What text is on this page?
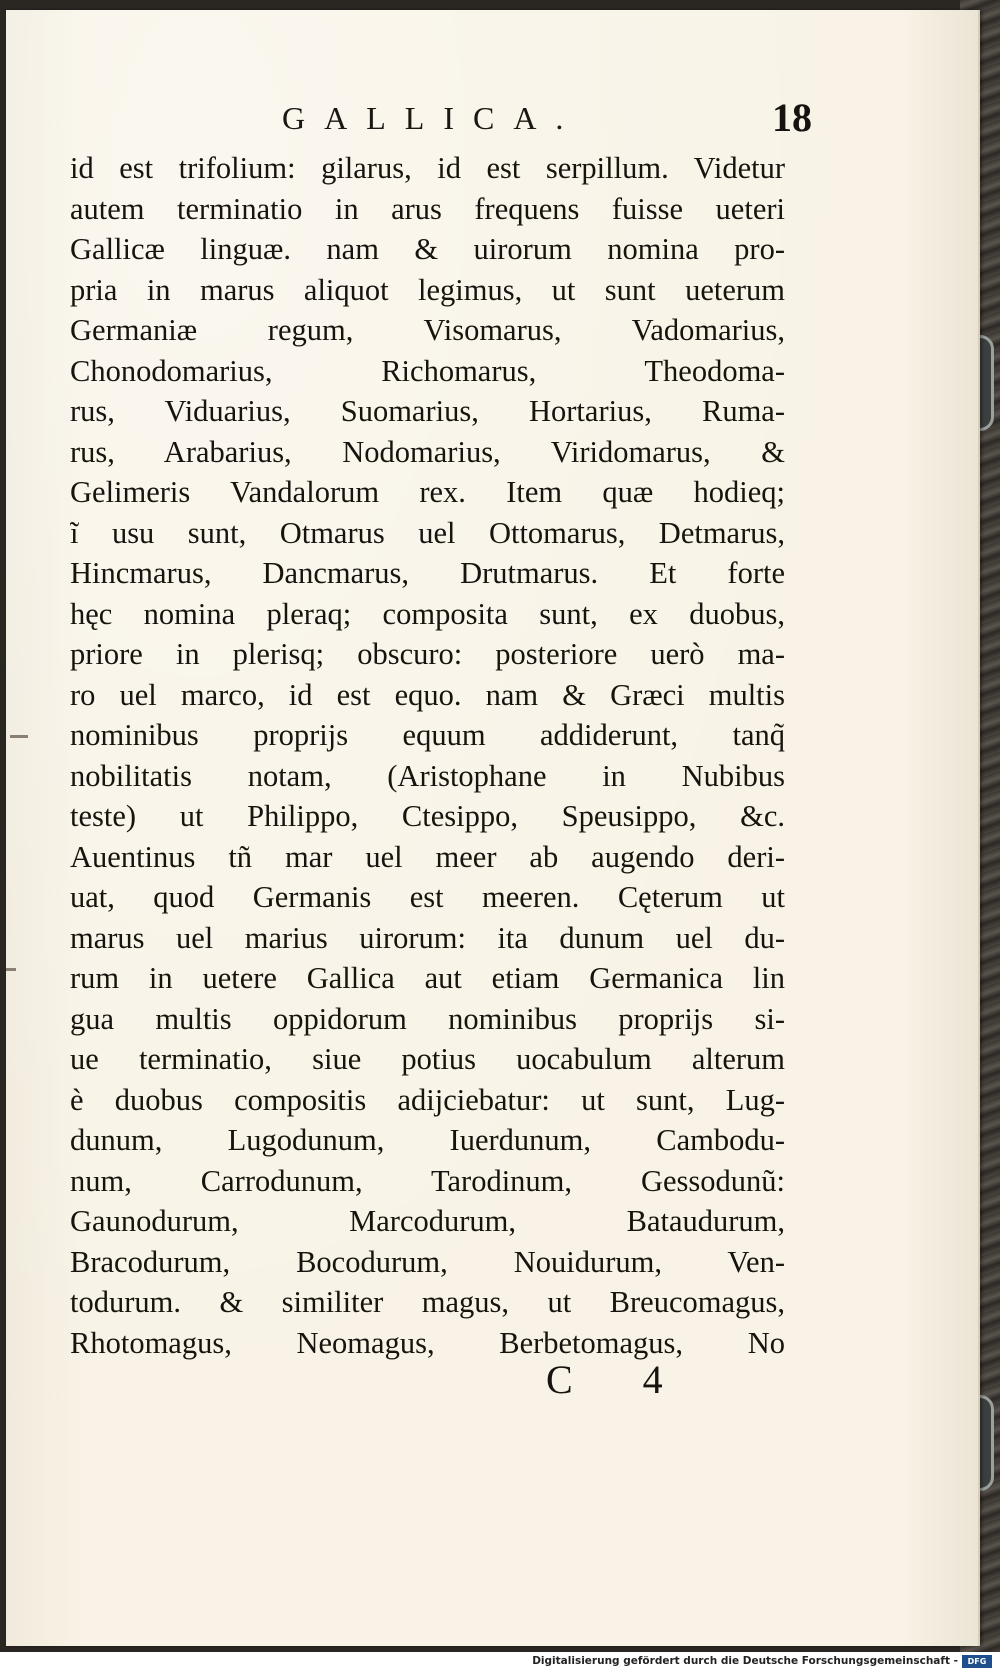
GALLICA.	18
id est trifolium: gilarus, id est serpillum. Videtur
autem terminatio in arus frequens fuisse ueteri
Gallicæ linguæ. nam & uirorum nomina pro-
pria in marus aliquot legimus, ut sunt ueterum
Germaniæ regum, Visomarus, Vadomarius,
Chonodomarius, Richomarus, Theodoma-
rus, Viduarius, Suomarius, Hortarius, Ruma-
rus, Arabarius, Nodomarius, Viridomarus, &
Gelimeris Vandalorum rex. Item quæ hodieq;
ĩ usu sunt, Otmarus uel Ottomarus, Detmarus,
Hincmarus, Dancmarus, Drutmarus. Et forte
hęc nomina pleraq; composita sunt, ex duobus,
priore in plerisq; obscuro: posteriore uerò ma-
ro uel marco, id est equo. nam & Græci multis
nominibus proprijs equum addiderunt, tanq̃
nobilitatis notam, (Aristophane in Nubibus
teste) ut Philippo, Ctesippo, Speusippo, &c.
Auentinus tñ mar uel meer ab augendo deri-
uat, quod Germanis est meeren. Cęterum ut
marus uel marius uirorum: ita dunum uel du-
rum in uetere Gallica aut etiam Germanica lin
gua multis oppidorum nominibus proprijs si-
ue terminatio, siue potius uocabulum alterum
è duobus compositis adijciebatur: ut sunt, Lug-
dunum, Lugodunum, Iuerdunum, Cambodu-
num, Carrodunum, Tarodinum, Gessodunũ:
Gaunodurum, Marcodurum, Bataudurum,
Bracodurum, Bocodurum, Nouidurum, Ven-
todurum. & similiter magus, ut Breucomagus,
Rhotomagus, Neomagus, Berbetomagus, No
C 4
Digitalisierung gefördert durch die Deutsche Forschungsgemeinschaft -	DFG
